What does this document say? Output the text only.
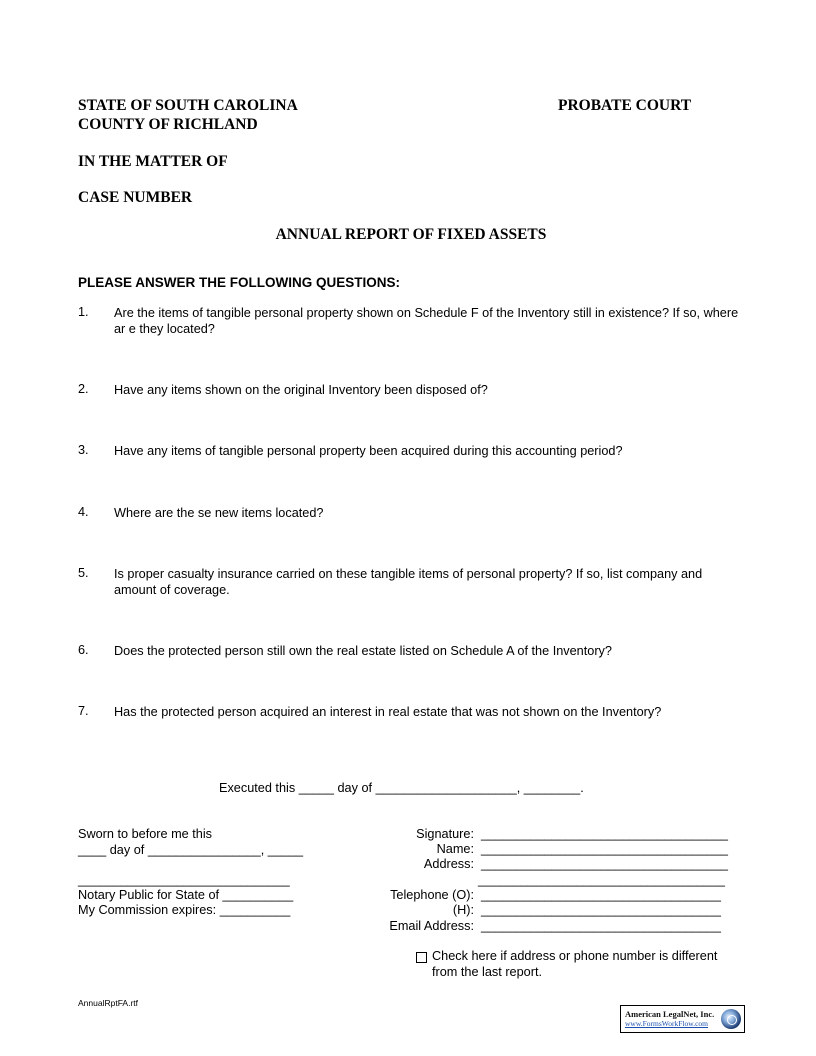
STATE OF SOUTH CAROLINA
COUNTY OF RICHLAND
PROBATE COURT
IN THE MATTER OF
CASE NUMBER
ANNUAL REPORT OF FIXED ASSETS
PLEASE ANSWER THE FOLLOWING QUESTIONS:
1. Are the items of tangible personal property shown on Schedule F of the Inventory still in existence? If so, where ar e they located?
2. Have any items shown on the original Inventory been disposed of?
3. Have any items of tangible personal property been acquired during this accounting period?
4. Where are the se new items located?
5. Is proper casualty insurance carried on these tangible items of personal property? If so, list company and amount of coverage.
6. Does the protected person still own the real estate listed on Schedule A of the Inventory?
7. Has the protected person acquired an interest in real estate that was not shown on the Inventory?
Executed this _____ day of ____________________, ________.
Sworn to before me this
____ day of ________________, _____
______________________________
Notary Public for State of __________
My Commission expires: __________
Signature: ___________________________________
Name: ___________________________________
Address: ___________________________________
___________________________________
Telephone (O): __________________________________
(H): __________________________________
Email Address: __________________________________
Check here if address or phone number is different
from the last report.
AnnualRptFA.rtf
American LegalNet, Inc.
www.FormsWorkFlow.com
